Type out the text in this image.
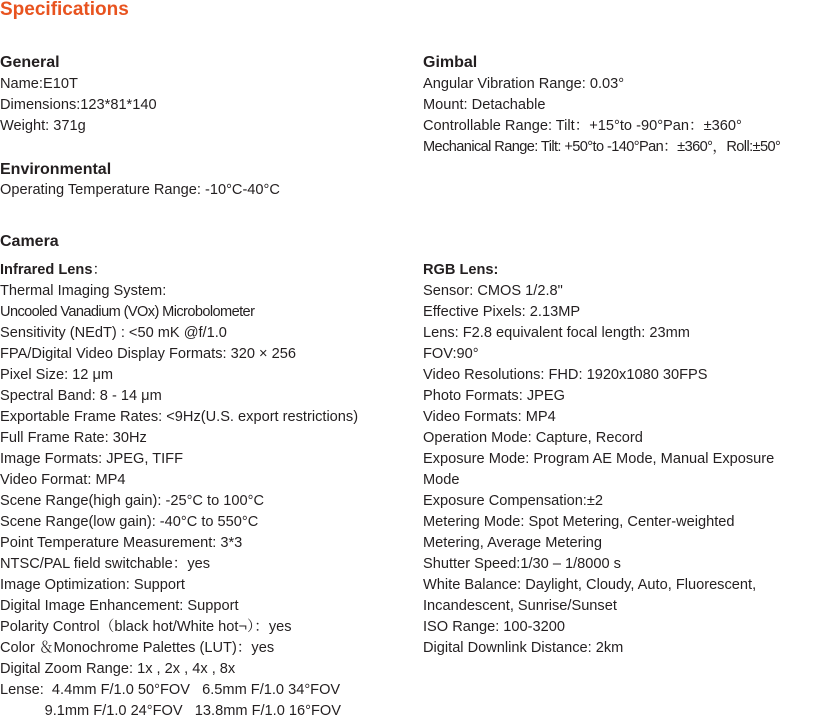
Specifications
General
Name:E10T
Dimensions:123*81*140
Weight: 371g
Environmental
Operating Temperature Range: -10°C-40°C
Gimbal
Angular Vibration Range: 0.03°
Mount: Detachable
Controllable Range: Tilt：+15°to -90°Pan：±360°
Mechanical Range: Tilt: +50°to -140°Pan：±360°，Roll:±50°
Camera
Infrared Lens：
Thermal Imaging System:
Uncooled Vanadium (VOx) Microbolometer
Sensitivity (NEdT) : <50 mK @f/1.0
FPA/Digital Video Display Formats: 320 × 256
Pixel Size: 12 μm
Spectral Band: 8 - 14 μm
Exportable Frame Rates: <9Hz(U.S. export restrictions)
Full Frame Rate: 30Hz
Image Formats: JPEG, TIFF
Video Format: MP4
Scene Range(high gain): -25°C to 100°C
Scene Range(low gain): -40°C to 550°C
Point Temperature Measurement: 3*3
NTSC/PAL field switchable：yes
Image Optimization: Support
Digital Image Enhancement: Support
Polarity Control（black hot/White hot¬）：yes
Color ＆Monochrome Palettes (LUT)：yes
Digital Zoom Range: 1x , 2x , 4x , 8x
Lense:  4.4mm F/1.0 50°FOV   6.5mm F/1.0 34°FOV
9.1mm F/1.0 24°FOV   13.8mm F/1.0 16°FOV
RGB Lens:
Sensor: CMOS 1/2.8"
Effective Pixels: 2.13MP
Lens: F2.8 equivalent focal length: 23mm
FOV:90°
Video Resolutions: FHD: 1920x1080 30FPS
Photo Formats: JPEG
Video Formats: MP4
Operation Mode: Capture, Record
Exposure Mode: Program AE Mode, Manual Exposure
Mode
Exposure Compensation:±2
Metering Mode: Spot Metering, Center-weighted
Metering, Average Metering
Shutter Speed:1/30 – 1/8000 s
White Balance: Daylight, Cloudy, Auto, Fluorescent,
Incandescent, Sunrise/Sunset
ISO Range: 100-3200
Digital Downlink Distance: 2km
